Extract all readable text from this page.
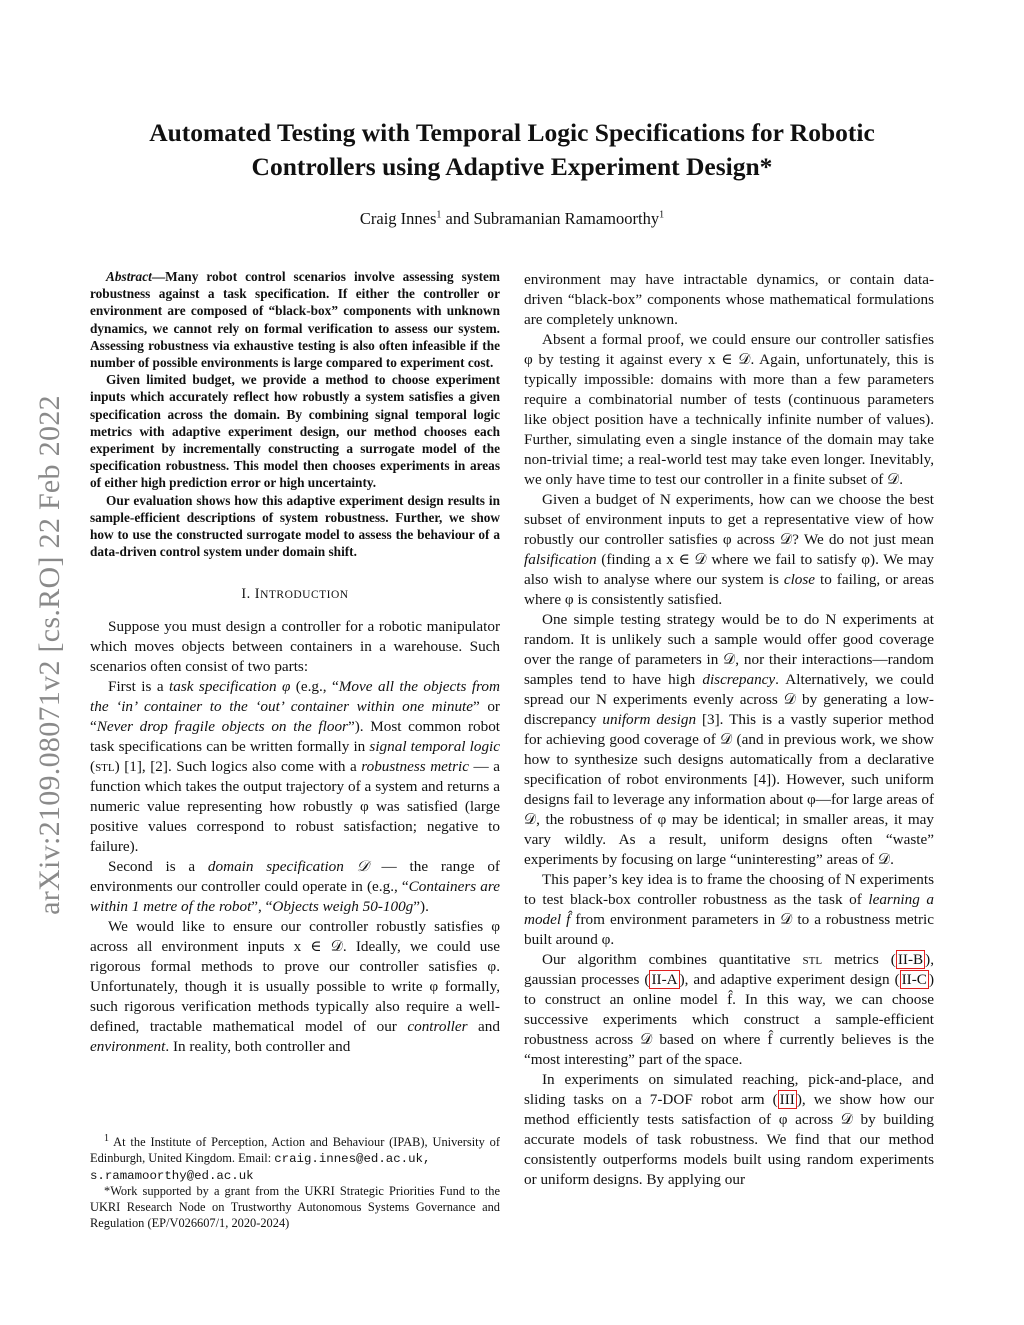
arXiv:2109.08071v2 [cs.RO] 22 Feb 2022
Automated Testing with Temporal Logic Specifications for Robotic
Controllers using Adaptive Experiment Design*

Craig Innes$^1$ and Subramanian Ramamoorthy$^1$

Abstract—Many robot control scenarios involve assessing system robustness against a task specification. If either the controller or environment are composed of “black-box” components with unknown dynamics, we cannot rely on formal verification to assess our system. Assessing robustness via exhaustive testing is also often infeasible if the number of possible environments is large compared to experiment cost.

Given limited budget, we provide a method to choose experiment inputs which accurately reflect how robustly a system satisfies a given specification across the domain. By combining signal temporal logic metrics with adaptive experiment design, our method chooses each experiment by incrementally constructing a surrogate model of the specification robustness. This model then chooses experiments in areas of either high prediction error or high uncertainty.

Our evaluation shows how this adaptive experiment design results in sample-efficient descriptions of system robustness. Further, we show how to use the constructed surrogate model to assess the behaviour of a data-driven control system under domain shift.

I. INTRODUCTION

Suppose you must design a controller for a robotic manipulator which moves objects between containers in a warehouse. Such scenarios often consist of two parts:

First is a task specification φ (e.g., “Move all the objects from the ‘in’ container to the ‘out’ container within one minute” or “Never drop fragile objects on the floor”). Most common robot task specifications can be written formally in signal temporal logic (stl) [1], [2]. Such logics also come with a robustness metric — a function which takes the output trajectory of a system and returns a numeric value representing how robustly φ was satisfied (large positive values correspond to robust satisfaction; negative to failure).

Second is a domain specification 𝒟 — the range of environments our controller could operate in (e.g., “Containers are within 1 metre of the robot”, “Objects weigh 50-100g”).

We would like to ensure our controller robustly satisfies φ across all environment inputs x ∈ 𝒟. Ideally, we could use rigorous formal methods to prove our controller satisfies φ. Unfortunately, though it is usually possible to write φ formally, such rigorous verification methods typically also require a well-defined, tractable mathematical model of our controller and environment. In reality, both controller and

$^1$ At the Institute of Perception, Action and Behaviour (IPAB), University of Edinburgh, United Kingdom. Email: craig.innes@ed.ac.uk,
s.ramamoorthy@ed.ac.uk

*Work supported by a grant from the UKRI Strategic Priorities Fund to the UKRI Research Node on Trustworthy Autonomous Systems Governance and Regulation (EP/V026607/1, 2020-2024)

environment may have intractable dynamics, or contain data-driven “black-box” components whose mathematical formulations are completely unknown.

Absent a formal proof, we could ensure our controller satisfies φ by testing it against every x ∈ 𝒟. Again, unfortunately, this is typically impossible: domains with more than a few parameters require a combinatorial number of tests (continuous parameters like object position have a technically infinite number of values). Further, simulating even a single instance of the domain may take non-trivial time; a real-world test may take even longer. Inevitably, we only have time to test our controller in a finite subset of 𝒟.

Given a budget of N experiments, how can we choose the best subset of environment inputs to get a representative view of how robustly our controller satisfies φ across 𝒟? We do not just mean falsification (finding a x ∈ 𝒟 where we fail to satisfy φ). We may also wish to analyse where our system is close to failing, or areas where φ is consistently satisfied.

One simple testing strategy would be to do N experiments at random. It is unlikely such a sample would offer good coverage over the range of parameters in 𝒟, nor their interactions—random samples tend to have high discrepancy. Alternatively, we could spread our N experiments evenly across 𝒟 by generating a low-discrepancy uniform design [3]. This is a vastly superior method for achieving good coverage of 𝒟 (and in previous work, we show how to synthesize such designs automatically from a declarative specification of robot environments [4]). However, such uniform designs fail to leverage any information about φ—for large areas of 𝒟, the robustness of φ may be identical; in smaller areas, it may vary wildly. As a result, uniform designs often “waste” experiments by focusing on large “uninteresting” areas of 𝒟.

This paper’s key idea is to frame the choosing of N experiments to test black-box controller robustness as the task of learning a model f̂ from environment parameters in 𝒟 to a robustness metric built around φ.

Our algorithm combines quantitative stl metrics ( II-B ), gaussian processes ( II-A ), and adaptive experiment design ( II-C ) to construct an online model f̂. In this way, we can choose successive experiments which construct a sample-efficient robustness across 𝒟 based on where f̂ currently believes is the “most interesting” part of the space.

In experiments on simulated reaching, pick-and-place, and sliding tasks on a 7-DOF robot arm ( III ), we show how our method efficiently tests satisfaction of φ across 𝒟 by building accurate models of task robustness. We find that our method consistently outperforms models built using random experiments or uniform designs. By applying our
